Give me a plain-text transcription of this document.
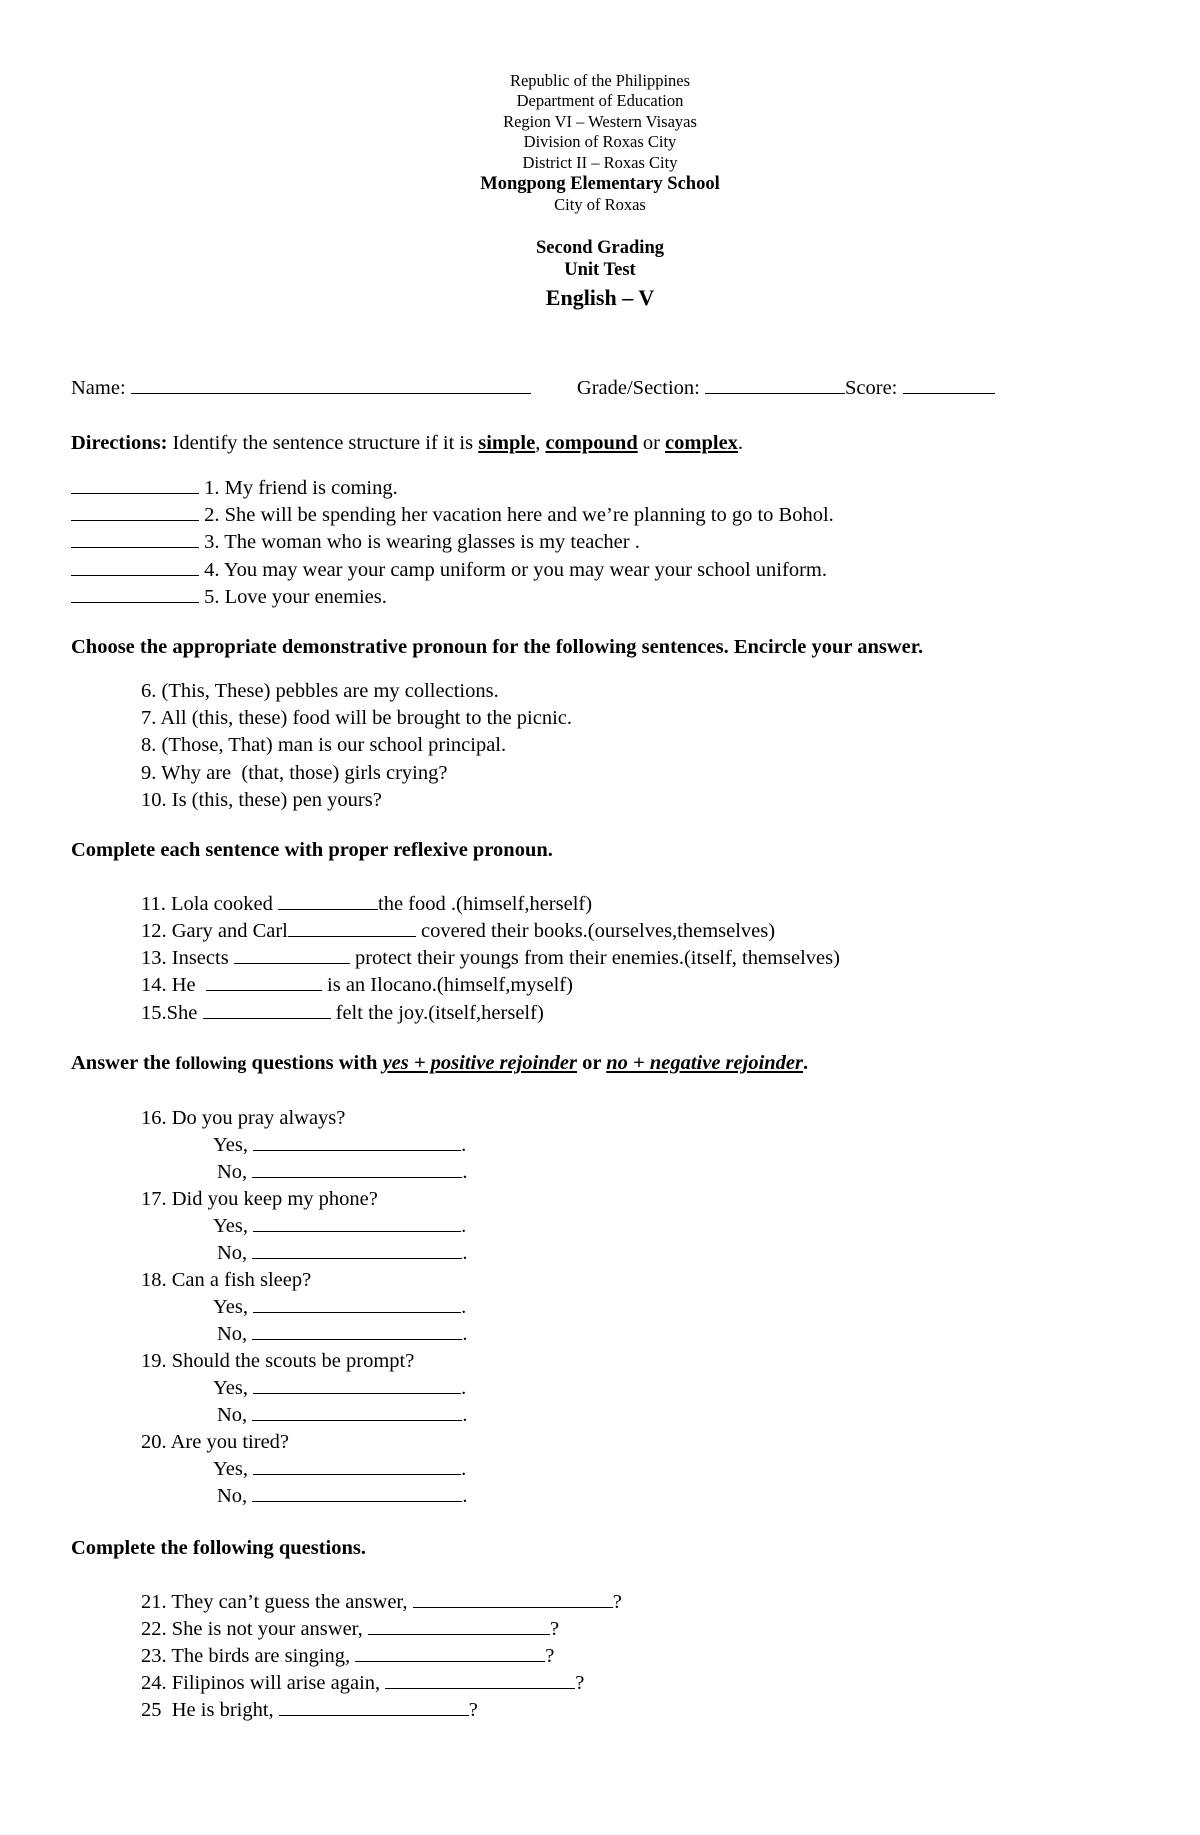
Republic of the Philippines
Department of Education
Region VI – Western Visayas
Division of Roxas City
District II – Roxas City
Mongpong Elementary School
City of Roxas
Second Grading
Unit Test
English – V
Name:	Grade/Section:	Score:
Directions: Identify the sentence structure if it is simple, compound or complex.
1. My friend is coming.
2. She will be spending her vacation here and we’re planning to go to Bohol.
3. The woman who is wearing glasses is my teacher .
4. You may wear your camp uniform or you may wear your school uniform.
5. Love your enemies.
Choose the appropriate demonstrative pronoun for the following sentences. Encircle your answer.
6. (This, These) pebbles are my collections.
7. All (this, these) food will be brought to the picnic.
8. (Those, That) man is our school principal.
9. Why are  (that, those) girls crying?
10. Is (this, these) pen yours?
Complete each sentence with proper reflexive pronoun.
11. Lola cooked	the food .(himself,herself)
12. Gary and Carl	covered their books.(ourselves,themselves)
13. Insects	protect their youngs from their enemies.(itself, themselves)
14. He	is an Ilocano.(himself,myself)
15.She	felt the joy.(itself,herself)
Answer the following questions with yes + positive rejoinder or no + negative rejoinder.
16. Do you pray always?
Yes,	.
No,	.
17. Did you keep my phone?
Yes,	.
No,	.
18. Can a fish sleep?
Yes,	.
No,	.
19. Should the scouts be prompt?
Yes,	.
No,	.
20. Are you tired?
Yes,	.
No,	.
Complete the following questions.
21. They can’t guess the answer,	?
22. She is not your answer,	?
23. The birds are singing,	?
24. Filipinos will arise again,	?
25  He is bright,	?
